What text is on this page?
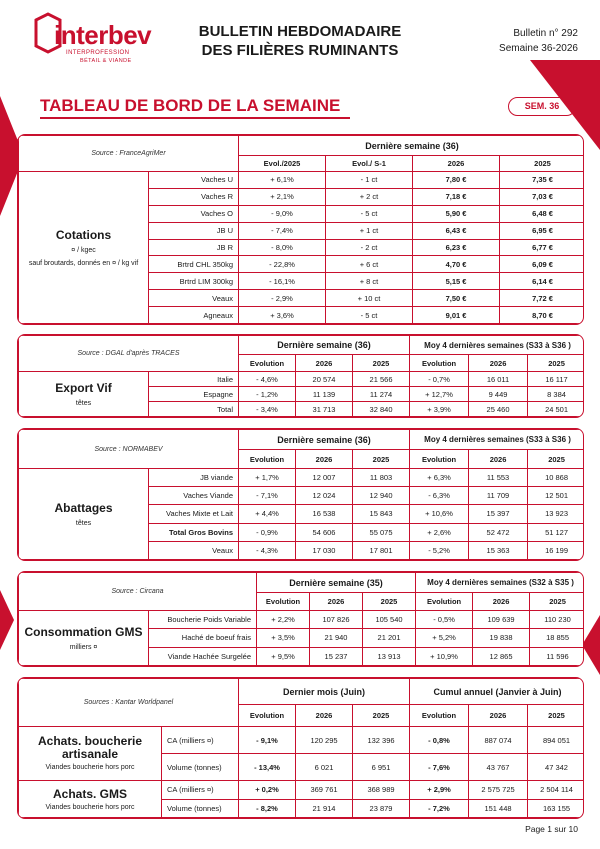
interbev
INTERPROFESSION
BÉTAIL & VIANDE
BULLETIN HEBDOMADAIRE
DES FILIÈRES RUMINANTS
Bulletin n° 292
Semaine 36-2026
TABLEAU DE BORD DE LA SEMAINE	SEM. 36
Source : FranceAgriMer		Dernière semaine (36)			
		Evol./2025	Evol./ S-1	2026	2025

Cotations
¤ / kgec
sauf broutards, donnés en ¤ / kg vif	Vaches U	+ 6,1%	- 1 ct	7,80 €	7,35 €
	Vaches R	+ 2,1%	+ 2 ct	7,18 €	7,03 €
	Vaches O	- 9,0%	- 5 ct	5,90 €	6,48 €
	JB U	- 7,4%	+ 1 ct	6,43 €	6,95 €
	JB R	- 8,0%	- 2 ct	6,23 €	6,77 €
	Brtrd CHL 350kg	- 22,8%	+ 6 ct	4,70 €	6,09 €
	Brtrd LIM 300kg	- 16,1%	+ 8 ct	5,15 €	6,14 €
	Veaux	- 2,9%	+ 10 ct	7,50 €	7,72 €
	Agneaux	+ 3,6%	- 5 ct	9,01 €	8,70 €
Source : DGAL d'après TRACES		Dernière semaine (36)			Moy 4 dernières semaines (S33 à S36 )		
		Evolution	2026	2025	Evolution	2026	2025

Export Vif
têtes	Italie	- 4,6%	20 574	21 566	- 0,7%	16 011	16 117
	Espagne	- 1,2%	11 139	11 274	+ 12,7%	9 449	8 384
	Total	- 3,4%	31 713	32 840	+ 3,9%	25 460	24 501
Source : NORMABEV		Dernière semaine (36)			Moy 4 dernières semaines (S33 à S36 )		
		Evolution	2026	2025	Evolution	2026	2025

Abattages
têtes	JB viande	+ 1,7%	12 007	11 803	+ 6,3%	11 553	10 868
	Vaches Viande	- 7,1%	12 024	12 940	- 6,3%	11 709	12 501
	Vaches Mixte et Lait	+ 4,4%	16 538	15 843	+ 10,6%	15 397	13 923
	Total Gros Bovins	- 0,9%	54 606	55 075	+ 2,6%	52 472	51 127
	Veaux	- 4,3%	17 030	17 801	- 5,2%	15 363	16 199
Source : Circana		Dernière semaine (35)			Moy 4 dernières semaines (S32 à S35 )		
		Evolution	2026	2025	Evolution	2026	2025

Consommation GMS
milliers ¤	Boucherie Poids Variable	+ 2,2%	107 826	105 540	- 0,5%	109 639	110 230
	Haché de boeuf frais	+ 3,5%	21 940	21 201	+ 5,2%	19 838	18 855
	Viande Hachée Surgelée	+ 9,5%	15 237	13 913	+ 10,9%	12 865	11 596
Sources : Kantar Worldpanel		Dernier mois (Juin)			Cumul annuel (Janvier à Juin)		
		Evolution	2026	2025	Evolution	2026	2025

Achats. boucherie artisanale
Viandes boucherie hors porc	CA (milliers ¤)	- 9,1%	120 295	132 396	- 0,8%	887 074	894 051
	Volume (tonnes)	- 13,4%	6 021	6 951	- 7,6%	43 767	47 342

Achats. GMS
Viandes boucherie hors porc	CA (milliers ¤)	+ 0,2%	369 761	368 989	+ 2,9%	2 575 725	2 504 114
	Volume (tonnes)	- 8,2%	21 914	23 879	- 7,2%	151 448	163 155
Page 1 sur 10
